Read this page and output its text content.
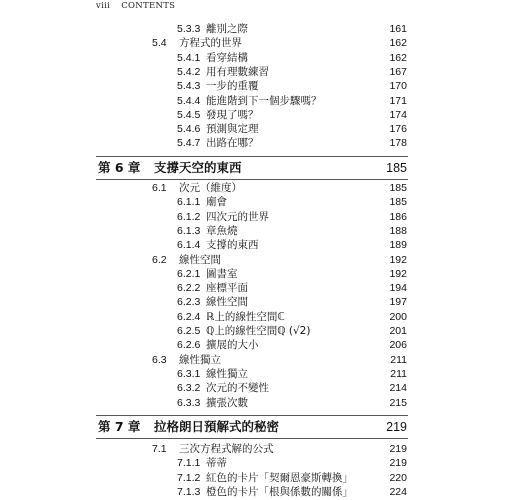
viii CONTENTS
5.3.3 離別之際	161
5.4 方程式的世界	162
5.4.1 看穿結構	162
5.4.2 用有理數練習	167
5.4.3 一步的重覆	170
5.4.4 能進階到下一個步驟嗎？	171
5.4.5 發現了嗎？	174
5.4.6 預測與定理	176
5.4.7 出路在哪？	178
第 6 章 支撐天空的東西	185
6.1 次元（維度）	185
6.1.1 廟會	185
6.1.2 四次元的世界	186
6.1.3 章魚燒	188
6.1.4 支撐的東西	189
6.2 線性空間	192
6.2.1 圖書室	192
6.2.2 座標平面	194
6.2.3 線性空間	197
6.2.4 ℝ上的線性空間ℂ	200
6.2.5 ℚ上的線性空間ℚ (√2)	201
6.2.6 擴展的大小	206
6.3 線性獨立	211
6.3.1 線性獨立	211
6.3.2 次元的不變性	214
6.3.3 擴張次數	215
第 7 章 拉格朗日預解式的秘密	219
7.1 三次方程式解的公式	219
7.1.1 蒂蒂	219
7.1.2 紅色的卡片「契爾恩豪斯轉換」	220
7.1.3 橙色的卡片「根與係數的關係」	224
